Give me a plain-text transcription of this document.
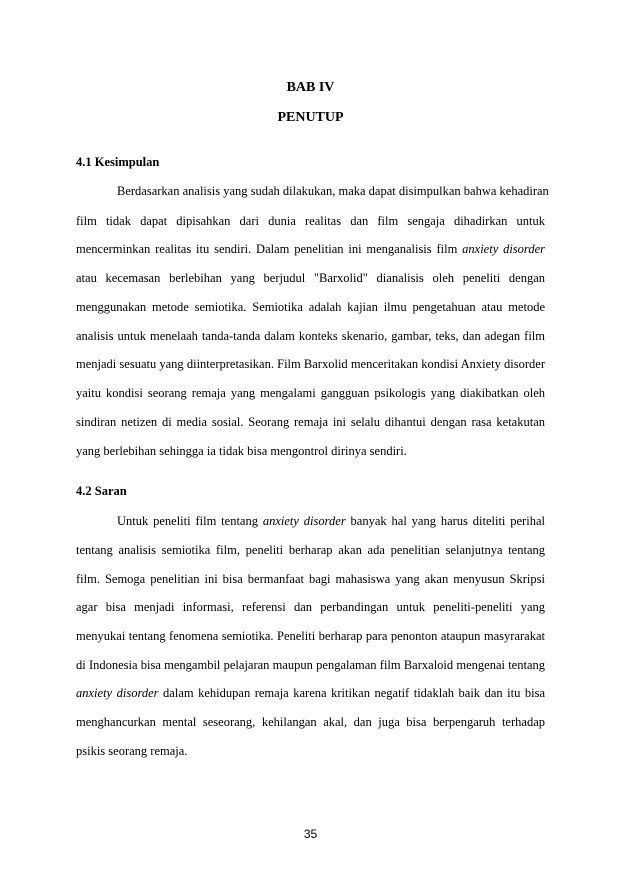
BAB IV
PENUTUP
4.1 Kesimpulan
Berdasarkan analisis yang sudah dilakukan, maka dapat disimpulkan bahwa kehadiran
film tidak dapat dipisahkan dari dunia realitas dan film sengaja dihadirkan untuk
mencerminkan realitas itu sendiri. Dalam penelitian ini menganalisis film anxiety disorder
atau kecemasan berlebihan yang berjudul "Barxolid" dianalisis oleh peneliti dengan
menggunakan metode semiotika. Semiotika adalah kajian ilmu pengetahuan atau metode
analisis untuk menelaah tanda-tanda dalam konteks skenario, gambar, teks, dan adegan film
menjadi sesuatu yang diinterpretasikan. Film Barxolid menceritakan kondisi Anxiety disorder
yaitu kondisi seorang remaja yang mengalami gangguan psikologis yang diakibatkan oleh
sindiran netizen di media sosial. Seorang remaja ini selalu dihantui dengan rasa ketakutan
yang berlebihan sehingga ia tidak bisa mengontrol dirinya sendiri.
4.2 Saran
Untuk peneliti film tentang anxiety disorder banyak hal yang harus diteliti perihal
tentang analisis semiotika film, peneliti berharap akan ada penelitian selanjutnya tentang
film. Semoga penelitian ini bisa bermanfaat bagi mahasiswa yang akan menyusun Skripsi
agar bisa menjadi informasi, referensi dan perbandingan untuk peneliti-peneliti yang
menyukai tentang fenomena semiotika. Peneliti berharap para penonton ataupun masyrarakat
di Indonesia bisa mengambil pelajaran maupun pengalaman film Barxaloid mengenai tentang
anxiety disorder dalam kehidupan remaja karena kritikan negatif tidaklah baik dan itu bisa
menghancurkan mental seseorang, kehilangan akal, dan juga bisa berpengaruh terhadap
psikis seorang remaja.
35
